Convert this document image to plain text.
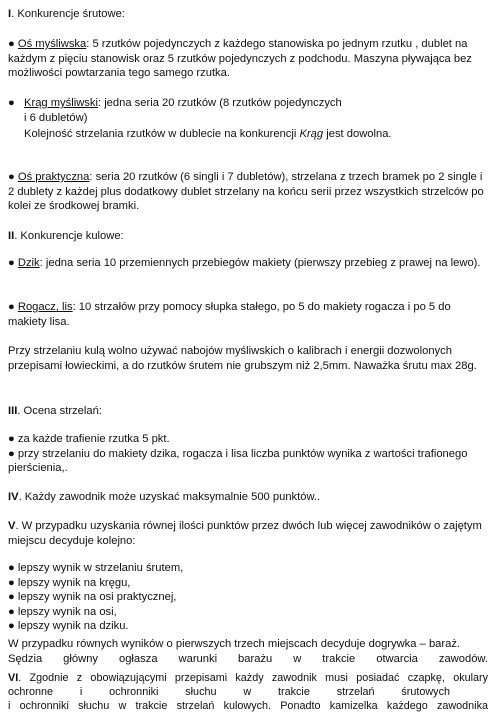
I. Konkurencje śrutowe:
● Oś myśliwska: 5 rzutków pojedynczych z każdego stanowiska po jednym rzutku , dublet na każdym z pięciu stanowisk oraz 5 rzutków pojedynczych z podchodu. Maszyna pływająca bez możliwości powtarzania tego samego rzutka.
● Krąg myśliwski: jedna seria 20 rzutków (8 rzutków pojedynczych
i 6 dubletów)
Kolejność strzelania rzutków w dublecie na konkurencji Krąg jest dowolna.
● Oś praktyczna: seria 20 rzutków (6 singli i 7 dubletów), strzelana z trzech bramek po 2 single i 2 dublety z każdej plus dodatkowy dublet strzelany na końcu serii przez wszystkich strzelców po kolei ze środkowej bramki.
II. Konkurencje kulowe:
● Dzik: jedna seria 10 przemiennych przebiegów makiety (pierwszy przebieg z prawej na lewo).
● Rogacz, lis: 10 strzałów przy pomocy słupka stałego, po 5 do makiety rogacza i po 5 do makiety lisa.
Przy strzelaniu kulą wolno używać nabojów myśliwskich o kalibrach i energii dozwolonych przepisami łowieckimi, a do rzutków śrutem nie grubszym niż 2,5mm. Naważka śrutu max 28g.
III. Ocena strzelań:
● za każde trafienie rzutka 5 pkt.
● przy strzelaniu do makiety dzika, rogacza i lisa liczba punktów wynika z wartości trafionego pierścienia,.
IV. Każdy zawodnik może uzyskać maksymalnie 500 punktów..
V. W przypadku uzyskania równej ilości punktów przez dwóch lub więcej zawodników o zajętym miejscu decyduje kolejno:
● lepszy wynik w strzelaniu śrutem,
● lepszy wynik na kręgu,
● lepszy wynik na osi praktycznej,
● lepszy wynik na osi,
● lepszy wynik na dziku.
W przypadku równych wyników o pierwszych trzech miejscach decyduje dogrywka – baraż.
Sędzia główny ogłasza warunki barażu w trakcie otwarcia zawodów.
VI. Zgodnie z obowiązującymi przepisami każdy zawodnik musi posiadać czapkę, okulary
ochronne i ochronniki słuchu w trakcie strzelań śrutowych
i ochronniki słuchu w trakcie strzelań kulowych. Ponadto kamizelka każdego zawodnika
